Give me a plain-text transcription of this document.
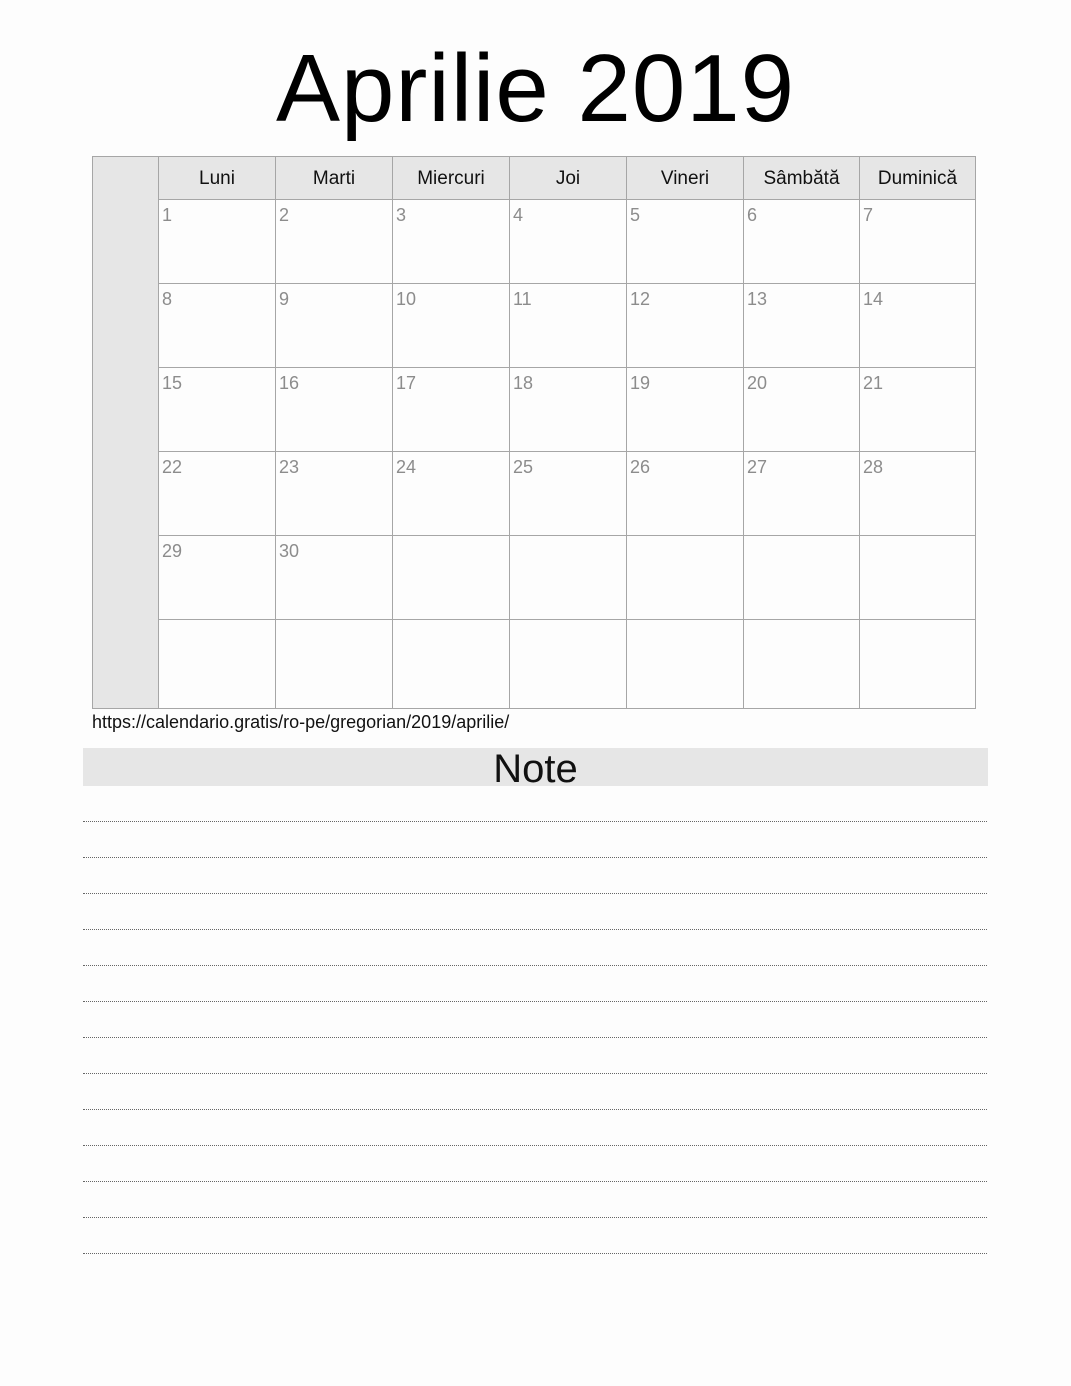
Aprilie 2019
Luni	Marti	Miercuri	Joi	Vineri	Sâmbătă	Duminică
1	2	3	4	5	6	7
8	9	10	11	12	13	14
15	16	17	18	19	20	21
22	23	24	25	26	27	28
29	30
https://calendario.gratis/ro-pe/gregorian/2019/aprilie/
Note
